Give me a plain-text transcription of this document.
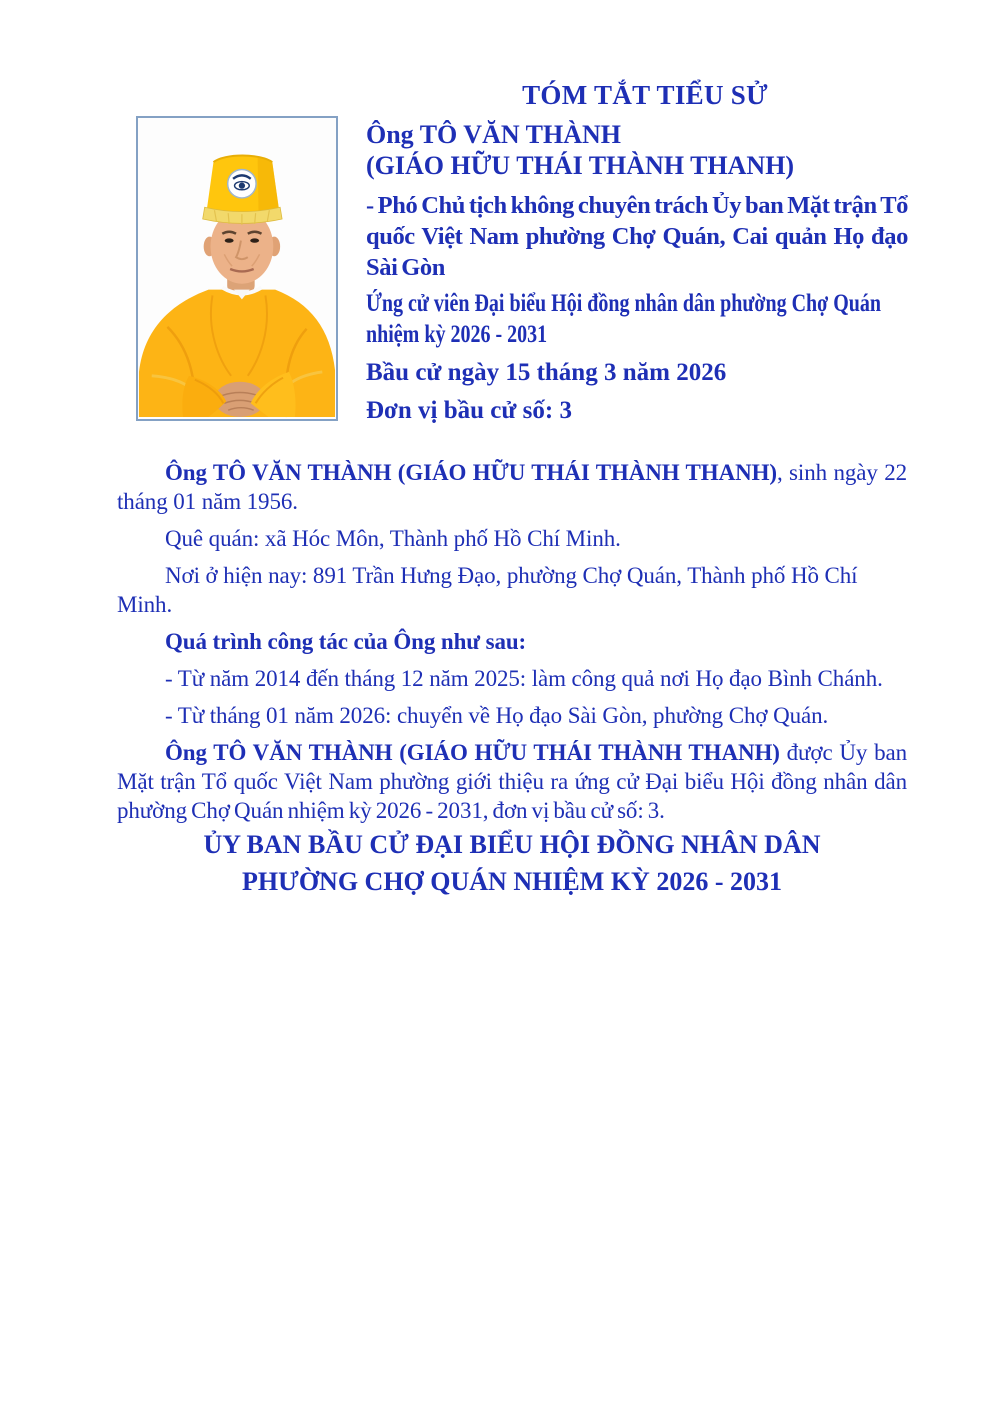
TÓM TẮT TIỂU SỬ
Ông TÔ VĂN THÀNH
(GIÁO HỮU THÁI THÀNH THANH)
- Phó Chủ tịch không chuyên trách Ủy ban Mặt trận Tổ quốc Việt Nam phường Chợ Quán, Cai quản Họ đạo Sài Gòn
Ứng cử viên Đại biểu Hội đồng nhân dân phường Chợ Quán nhiệm kỳ 2026 - 2031
Bầu cử ngày 15 tháng 3 năm 2026
Đơn vị bầu cử số: 3

Ông TÔ VĂN THÀNH (GIÁO HỮU THÁI THÀNH THANH), sinh ngày 22 tháng 01 năm 1956.

Quê quán: xã Hóc Môn, Thành phố Hồ Chí Minh.

Nơi ở hiện nay: 891 Trần Hưng Đạo, phường Chợ Quán, Thành phố Hồ Chí Minh.

Quá trình công tác của Ông như sau:

- Từ năm 2014 đến tháng 12 năm 2025: làm công quả nơi Họ đạo Bình Chánh.

- Từ tháng 01 năm 2026: chuyển về Họ đạo Sài Gòn, phường Chợ Quán.

Ông TÔ VĂN THÀNH (GIÁO HỮU THÁI THÀNH THANH) được Ủy ban Mặt trận Tổ quốc Việt Nam phường giới thiệu ra ứng cử Đại biểu Hội đồng nhân dân phường Chợ Quán nhiệm kỳ 2026 - 2031, đơn vị bầu cử số: 3.

ỦY BAN BẦU CỬ ĐẠI BIỂU HỘI ĐỒNG NHÂN DÂN
PHƯỜNG CHỢ QUÁN NHIỆM KỲ 2026 - 2031
